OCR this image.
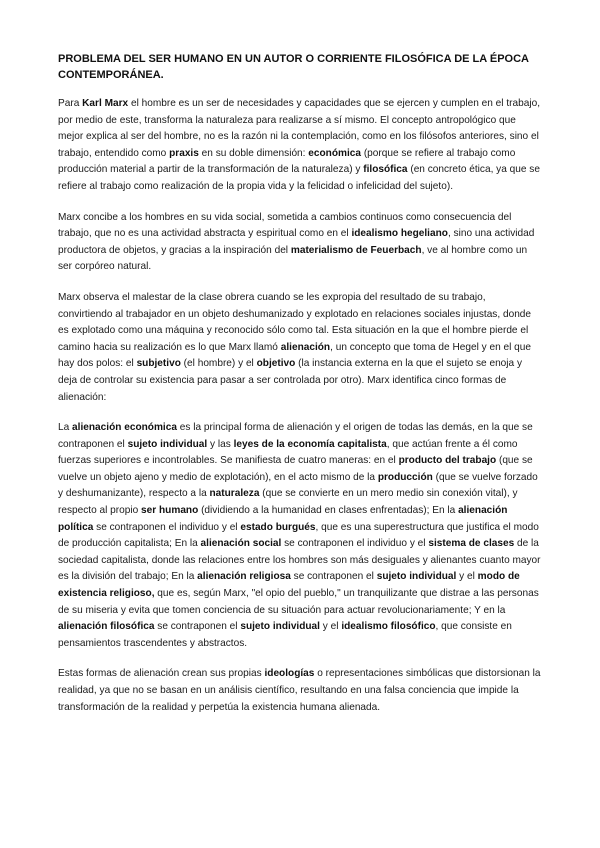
PROBLEMA DEL SER HUMANO EN UN AUTOR O CORRIENTE FILOSÓFICA DE LA ÉPOCA CONTEMPORÁNEA.

Para Karl Marx el hombre es un ser de necesidades y capacidades que se ejercen y cumplen en el trabajo, por medio de este, transforma la naturaleza para realizarse a sí mismo. El concepto antropológico que mejor explica al ser del hombre, no es la razón ni la contemplación, como en los filósofos anteriores, sino el trabajo, entendido como praxis en su doble dimensión: económica (porque se refiere al trabajo como producción material a partir de la transformación de la naturaleza) y filosófica (en concreto ética, ya que se refiere al trabajo como realización de la propia vida y la felicidad o infelicidad del sujeto).

Marx concibe a los hombres en su vida social, sometida a cambios continuos como consecuencia del trabajo, que no es una actividad abstracta y espiritual como en el idealismo hegeliano, sino una actividad productora de objetos, y gracias a la inspiración del materialismo de Feuerbach, ve al hombre como un ser corpóreo natural.

Marx observa el malestar de la clase obrera cuando se les expropia del resultado de su trabajo, convirtiendo al trabajador en un objeto deshumanizado y explotado en relaciones sociales injustas, donde es explotado como una máquina y reconocido sólo como tal. Esta situación en la que el hombre pierde el camino hacia su realización es lo que Marx llamó alienación, un concepto que toma de Hegel y en el que hay dos polos: el subjetivo (el hombre) y el objetivo (la instancia externa en la que el sujeto se enoja y deja de controlar su existencia para pasar a ser controlada por otro). Marx identifica cinco formas de alienación:

La alienación económica es la principal forma de alienación y el origen de todas las demás, en la que se contraponen el sujeto individual y las leyes de la economía capitalista, que actúan frente a él como fuerzas superiores e incontrolables. Se manifiesta de cuatro maneras: en el producto del trabajo (que se vuelve un objeto ajeno y medio de explotación), en el acto mismo de la producción (que se vuelve forzado y deshumanizante), respecto a la naturaleza (que se convierte en un mero medio sin conexión vital), y respecto al propio ser humano (dividiendo a la humanidad en clases enfrentadas); En la alienación política se contraponen el individuo y el estado burgués, que es una superestructura que justifica el modo de producción capitalista; En la alienación social se contraponen el individuo y el sistema de clases de la sociedad capitalista, donde las relaciones entre los hombres son más desiguales y alienantes cuanto mayor es la división del trabajo; En la alienación religiosa se contraponen el sujeto individual y el modo de existencia religioso, que es, según Marx, "el opio del pueblo," un tranquilizante que distrae a las personas de su miseria y evita que tomen conciencia de su situación para actuar revolucionariamente; Y en la alienación filosófica se contraponen el sujeto individual y el idealismo filosófico, que consiste en pensamientos trascendentes y abstractos.

Estas formas de alienación crean sus propias ideologías o representaciones simbólicas que distorsionan la realidad, ya que no se basan en un análisis científico, resultando en una falsa conciencia que impide la transformación de la realidad y perpetúa la existencia humana alienada.
